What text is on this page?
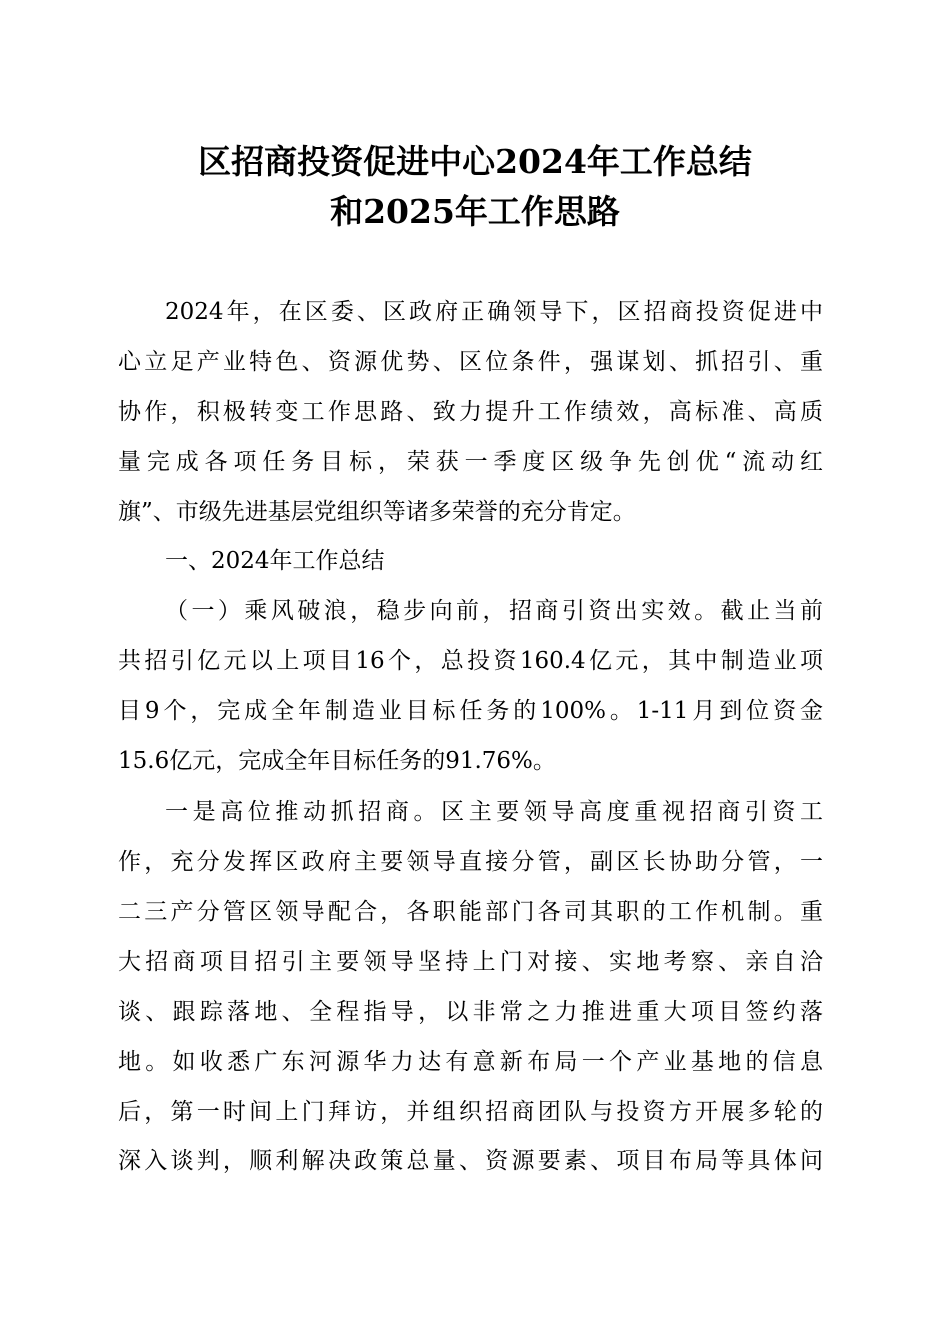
区招商投资促进中心2024年工作总结
和2025年工作思路
2024年，在区委、区政府正确领导下，区招商投资促进中
心立足产业特色、资源优势、区位条件，强谋划、抓招引、重
协作，积极转变工作思路、致力提升工作绩效，高标准、高质
量完成各项任务目标，荣获一季度区级争先创优“流动红
旗”、市级先进基层党组织等诸多荣誉的充分肯定。
一、2024年工作总结
（一）乘风破浪，稳步向前，招商引资出实效。截止当前
共招引亿元以上项目16个，总投资160.4亿元，其中制造业项
目9个，完成全年制造业目标任务的100%。1-11月到位资金
15.6亿元，完成全年目标任务的91.76%。
一是高位推动抓招商。区主要领导高度重视招商引资工
作，充分发挥区政府主要领导直接分管，副区长协助分管，一
二三产分管区领导配合，各职能部门各司其职的工作机制。重
大招商项目招引主要领导坚持上门对接、实地考察、亲自洽
谈、跟踪落地、全程指导，以非常之力推进重大项目签约落
地。如收悉广东河源华力达有意新布局一个产业基地的信息
后，第一时间上门拜访，并组织招商团队与投资方开展多轮的
深入谈判，顺利解决政策总量、资源要素、项目布局等具体问
